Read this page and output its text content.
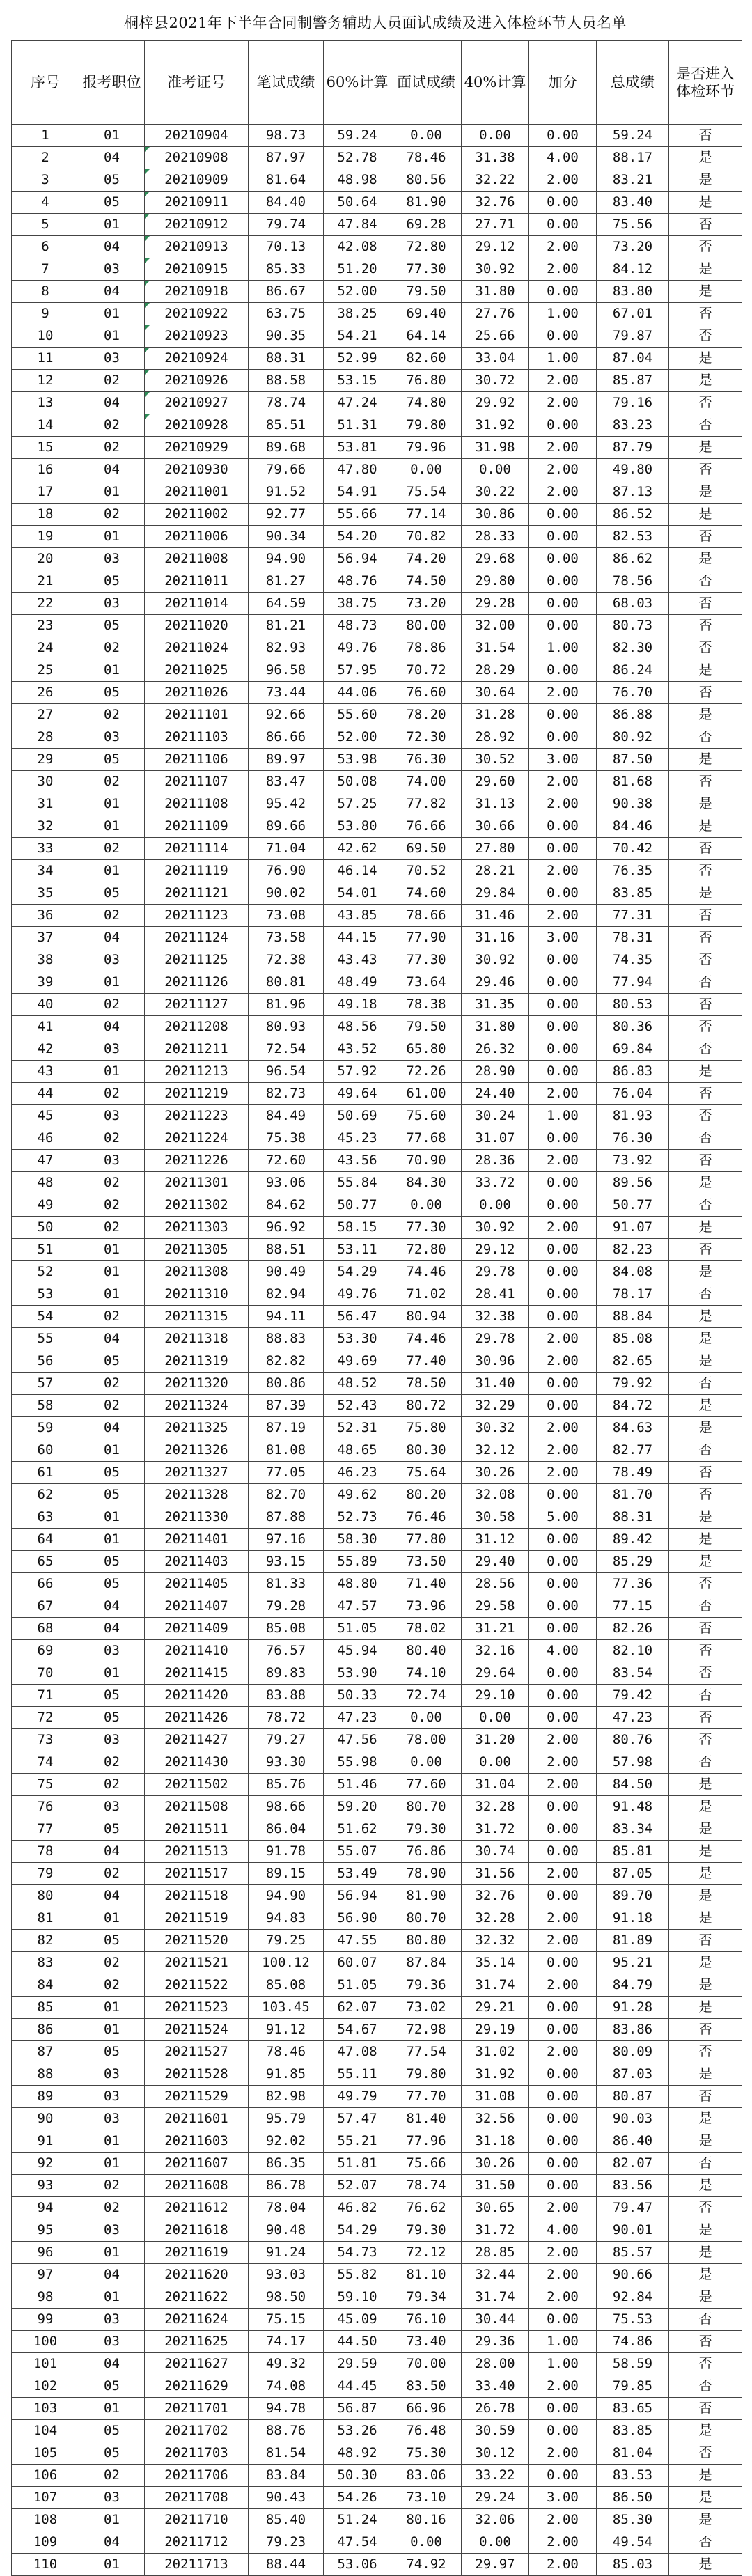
桐梓县2021年下半年合同制警务辅助人员面试成绩及进入体检环节人员名单
序号	报考职位	准考证号	笔试成绩	60%计算	面试成绩	40%计算	加分	总成绩	是否进入体检环节
1	01	20210904	98.73	59.24	0.00	0.00	0.00	59.24	否
2	04	20210908	87.97	52.78	78.46	31.38	4.00	88.17	是
3	05	20210909	81.64	48.98	80.56	32.22	2.00	83.21	是
4	05	20210911	84.40	50.64	81.90	32.76	0.00	83.40	是
5	01	20210912	79.74	47.84	69.28	27.71	0.00	75.56	否
6	04	20210913	70.13	42.08	72.80	29.12	2.00	73.20	否
7	03	20210915	85.33	51.20	77.30	30.92	2.00	84.12	是
8	04	20210918	86.67	52.00	79.50	31.80	0.00	83.80	是
9	01	20210922	63.75	38.25	69.40	27.76	1.00	67.01	否
10	01	20210923	90.35	54.21	64.14	25.66	0.00	79.87	否
11	03	20210924	88.31	52.99	82.60	33.04	1.00	87.04	是
12	02	20210926	88.58	53.15	76.80	30.72	2.00	85.87	是
13	04	20210927	78.74	47.24	74.80	29.92	2.00	79.16	否
14	02	20210928	85.51	51.31	79.80	31.92	0.00	83.23	否
15	02	20210929	89.68	53.81	79.96	31.98	2.00	87.79	是
16	04	20210930	79.66	47.80	0.00	0.00	2.00	49.80	否
17	01	20211001	91.52	54.91	75.54	30.22	2.00	87.13	是
18	02	20211002	92.77	55.66	77.14	30.86	0.00	86.52	是
19	01	20211006	90.34	54.20	70.82	28.33	0.00	82.53	否
20	03	20211008	94.90	56.94	74.20	29.68	0.00	86.62	是
21	05	20211011	81.27	48.76	74.50	29.80	0.00	78.56	否
22	03	20211014	64.59	38.75	73.20	29.28	0.00	68.03	否
23	05	20211020	81.21	48.73	80.00	32.00	0.00	80.73	否
24	02	20211024	82.93	49.76	78.86	31.54	1.00	82.30	否
25	01	20211025	96.58	57.95	70.72	28.29	0.00	86.24	是
26	05	20211026	73.44	44.06	76.60	30.64	2.00	76.70	否
27	02	20211101	92.66	55.60	78.20	31.28	0.00	86.88	是
28	03	20211103	86.66	52.00	72.30	28.92	0.00	80.92	否
29	05	20211106	89.97	53.98	76.30	30.52	3.00	87.50	是
30	02	20211107	83.47	50.08	74.00	29.60	2.00	81.68	否
31	01	20211108	95.42	57.25	77.82	31.13	2.00	90.38	是
32	01	20211109	89.66	53.80	76.66	30.66	0.00	84.46	是
33	02	20211114	71.04	42.62	69.50	27.80	0.00	70.42	否
34	01	20211119	76.90	46.14	70.52	28.21	2.00	76.35	否
35	05	20211121	90.02	54.01	74.60	29.84	0.00	83.85	是
36	02	20211123	73.08	43.85	78.66	31.46	2.00	77.31	否
37	04	20211124	73.58	44.15	77.90	31.16	3.00	78.31	否
38	03	20211125	72.38	43.43	77.30	30.92	0.00	74.35	否
39	01	20211126	80.81	48.49	73.64	29.46	0.00	77.94	否
40	02	20211127	81.96	49.18	78.38	31.35	0.00	80.53	否
41	04	20211208	80.93	48.56	79.50	31.80	0.00	80.36	否
42	03	20211211	72.54	43.52	65.80	26.32	0.00	69.84	否
43	01	20211213	96.54	57.92	72.26	28.90	0.00	86.83	是
44	02	20211219	82.73	49.64	61.00	24.40	2.00	76.04	否
45	03	20211223	84.49	50.69	75.60	30.24	1.00	81.93	否
46	02	20211224	75.38	45.23	77.68	31.07	0.00	76.30	否
47	03	20211226	72.60	43.56	70.90	28.36	2.00	73.92	否
48	02	20211301	93.06	55.84	84.30	33.72	0.00	89.56	是
49	02	20211302	84.62	50.77	0.00	0.00	0.00	50.77	否
50	02	20211303	96.92	58.15	77.30	30.92	2.00	91.07	是
51	01	20211305	88.51	53.11	72.80	29.12	0.00	82.23	否
52	01	20211308	90.49	54.29	74.46	29.78	0.00	84.08	是
53	01	20211310	82.94	49.76	71.02	28.41	0.00	78.17	否
54	02	20211315	94.11	56.47	80.94	32.38	0.00	88.84	是
55	04	20211318	88.83	53.30	74.46	29.78	2.00	85.08	是
56	05	20211319	82.82	49.69	77.40	30.96	2.00	82.65	是
57	02	20211320	80.86	48.52	78.50	31.40	0.00	79.92	否
58	02	20211324	87.39	52.43	80.72	32.29	0.00	84.72	是
59	04	20211325	87.19	52.31	75.80	30.32	2.00	84.63	是
60	01	20211326	81.08	48.65	80.30	32.12	2.00	82.77	否
61	05	20211327	77.05	46.23	75.64	30.26	2.00	78.49	否
62	05	20211328	82.70	49.62	80.20	32.08	0.00	81.70	否
63	01	20211330	87.88	52.73	76.46	30.58	5.00	88.31	是
64	01	20211401	97.16	58.30	77.80	31.12	0.00	89.42	是
65	05	20211403	93.15	55.89	73.50	29.40	0.00	85.29	是
66	05	20211405	81.33	48.80	71.40	28.56	0.00	77.36	否
67	04	20211407	79.28	47.57	73.96	29.58	0.00	77.15	否
68	04	20211409	85.08	51.05	78.02	31.21	0.00	82.26	否
69	03	20211410	76.57	45.94	80.40	32.16	4.00	82.10	否
70	01	20211415	89.83	53.90	74.10	29.64	0.00	83.54	否
71	05	20211420	83.88	50.33	72.74	29.10	0.00	79.42	否
72	05	20211426	78.72	47.23	0.00	0.00	0.00	47.23	否
73	03	20211427	79.27	47.56	78.00	31.20	2.00	80.76	否
74	02	20211430	93.30	55.98	0.00	0.00	2.00	57.98	否
75	02	20211502	85.76	51.46	77.60	31.04	2.00	84.50	是
76	03	20211508	98.66	59.20	80.70	32.28	0.00	91.48	是
77	05	20211511	86.04	51.62	79.30	31.72	0.00	83.34	是
78	04	20211513	91.78	55.07	76.86	30.74	0.00	85.81	是
79	02	20211517	89.15	53.49	78.90	31.56	2.00	87.05	是
80	04	20211518	94.90	56.94	81.90	32.76	0.00	89.70	是
81	01	20211519	94.83	56.90	80.70	32.28	2.00	91.18	是
82	05	20211520	79.25	47.55	80.80	32.32	2.00	81.89	否
83	02	20211521	100.12	60.07	87.84	35.14	0.00	95.21	是
84	02	20211522	85.08	51.05	79.36	31.74	2.00	84.79	是
85	01	20211523	103.45	62.07	73.02	29.21	0.00	91.28	是
86	01	20211524	91.12	54.67	72.98	29.19	0.00	83.86	否
87	05	20211527	78.46	47.08	77.54	31.02	2.00	80.09	否
88	03	20211528	91.85	55.11	79.80	31.92	0.00	87.03	是
89	03	20211529	82.98	49.79	77.70	31.08	0.00	80.87	否
90	03	20211601	95.79	57.47	81.40	32.56	0.00	90.03	是
91	01	20211603	92.02	55.21	77.96	31.18	0.00	86.40	是
92	01	20211607	86.35	51.81	75.66	30.26	0.00	82.07	否
93	02	20211608	86.78	52.07	78.74	31.50	0.00	83.56	是
94	02	20211612	78.04	46.82	76.62	30.65	2.00	79.47	否
95	03	20211618	90.48	54.29	79.30	31.72	4.00	90.01	是
96	01	20211619	91.24	54.73	72.12	28.85	2.00	85.57	是
97	04	20211620	93.03	55.82	81.10	32.44	2.00	90.66	是
98	01	20211622	98.50	59.10	79.34	31.74	2.00	92.84	是
99	03	20211624	75.15	45.09	76.10	30.44	0.00	75.53	否
100	03	20211625	74.17	44.50	73.40	29.36	1.00	74.86	否
101	04	20211627	49.32	29.59	70.00	28.00	1.00	58.59	否
102	05	20211629	74.08	44.45	83.50	33.40	2.00	79.85	否
103	01	20211701	94.78	56.87	66.96	26.78	0.00	83.65	否
104	05	20211702	88.76	53.26	76.48	30.59	0.00	83.85	是
105	05	20211703	81.54	48.92	75.30	30.12	2.00	81.04	否
106	02	20211706	83.84	50.30	83.06	33.22	0.00	83.53	是
107	03	20211708	90.43	54.26	73.10	29.24	3.00	86.50	是
108	01	20211710	85.40	51.24	80.16	32.06	2.00	85.30	是
109	04	20211712	79.23	47.54	0.00	0.00	2.00	49.54	否
110	01	20211713	88.44	53.06	74.92	29.97	2.00	85.03	是
